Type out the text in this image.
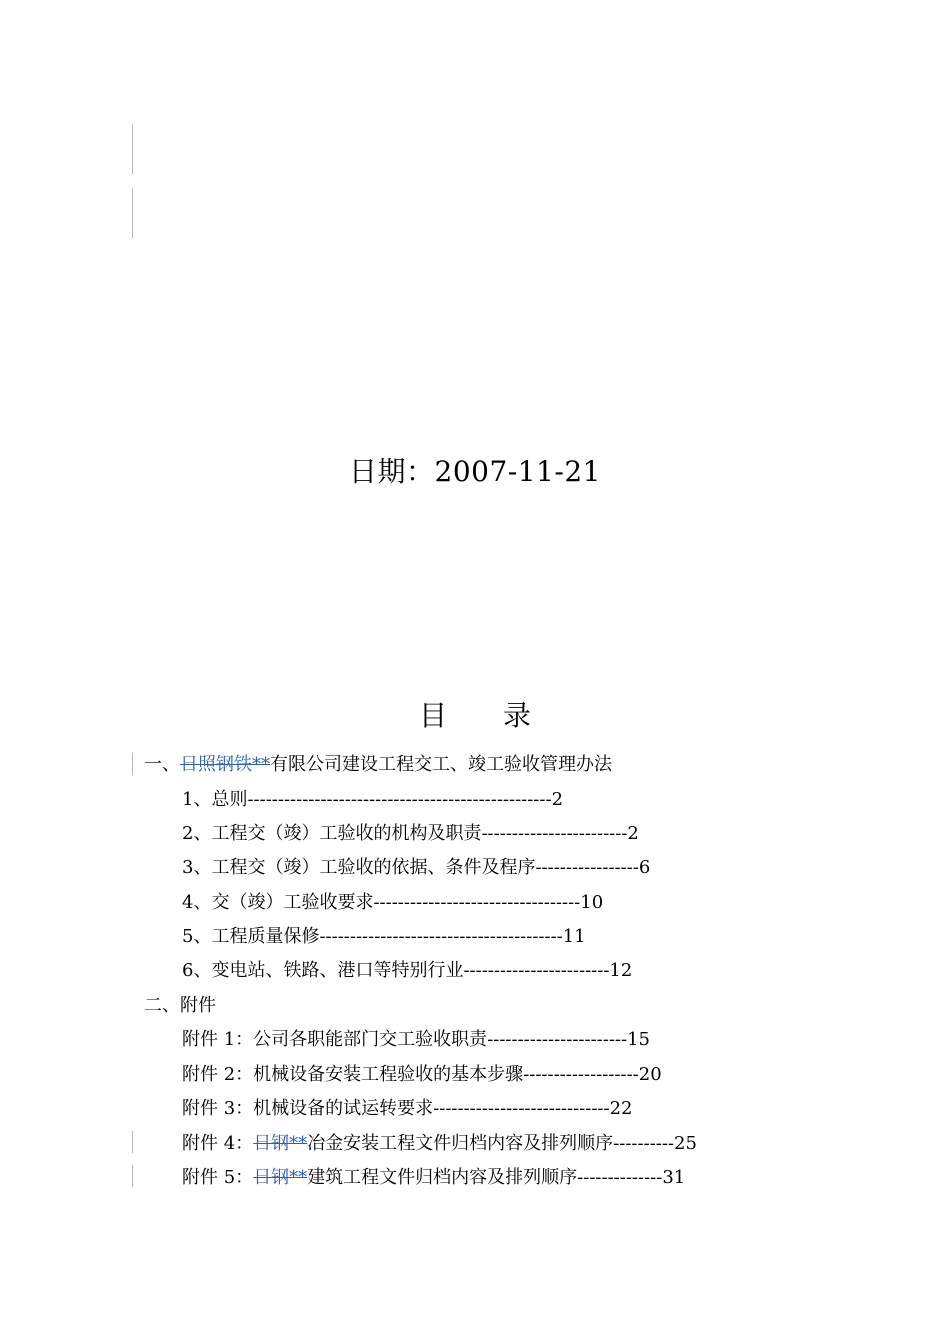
日期：2007-11-21
目 录
一、日照钢铁**有限公司建设工程交工、竣工验收管理办法
1、总则--------------------------------------------------2
2、工程交（竣）工验收的机构及职责------------------------2
3、工程交（竣）工验收的依据、条件及程序-----------------6
4、交（竣）工验收要求----------------------------------10
5、工程质量保修----------------------------------------11
6、变电站、铁路、港口等特别行业------------------------12
二、附件
附件 1：公司各职能部门交工验收职责-----------------------15
附件 2：机械设备安装工程验收的基本步骤-------------------20
附件 3：机械设备的试运转要求-----------------------------22
附件 4：日钢**冶金安装工程文件归档内容及排列顺序----------25
附件 5：日钢**建筑工程文件归档内容及排列顺序--------------31
